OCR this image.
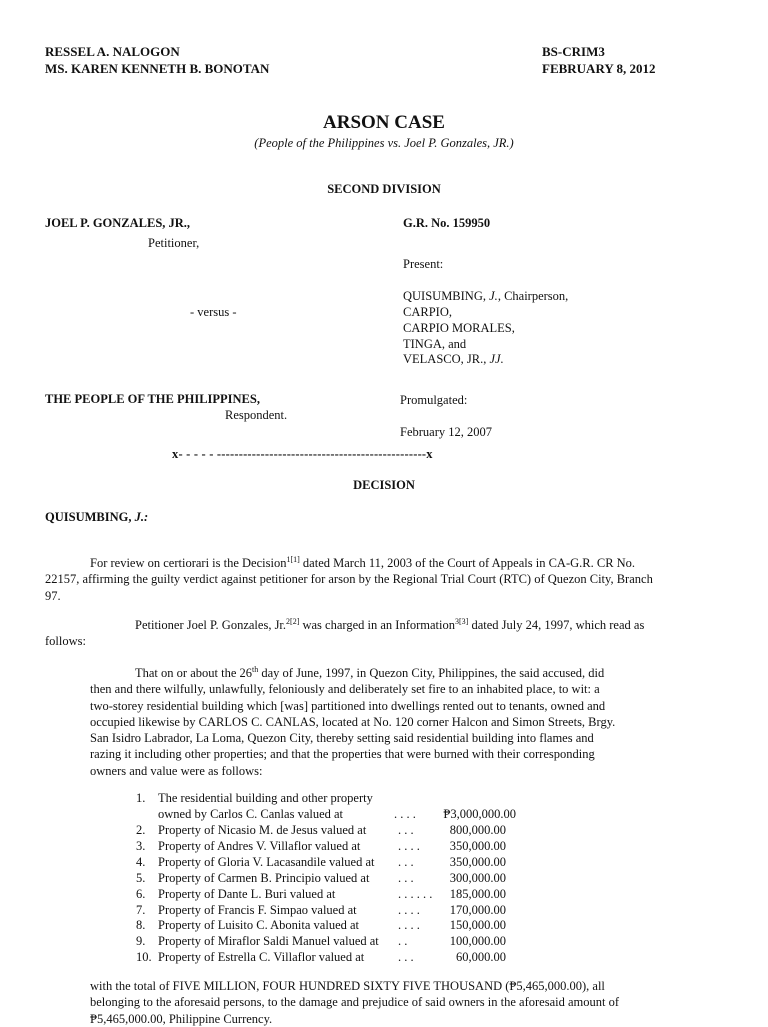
RESSEL A. NALOGON
MS. KAREN KENNETH B. BONOTAN
BS-CRIM3
FEBRUARY 8, 2012
ARSON CASE
(People of the Philippines vs. Joel P. Gonzales, JR.)
SECOND DIVISION
JOEL P. GONZALES, JR.,
Petitioner,
G.R. No. 159950
Present:
QUISUMBING, J., Chairperson,
CARPIO,
CARPIO MORALES,
TINGA, and
VELASCO, JR., JJ.
- versus -
THE PEOPLE OF THE PHILIPPINES,
Respondent.
Promulgated:
February 12, 2007
x- - - - - ------------------------------------------------x
DECISION
QUISUMBING, J.:
For review on certiorari is the Decision$^{1[1]}$ dated March 11, 2003 of the Court of Appeals in CA-G.R. CR No.
22157, affirming the guilty verdict against petitioner for arson by the Regional Trial Court (RTC) of Quezon City, Branch
97.
Petitioner Joel P. Gonzales, Jr.$^{2[2]}$ was charged in an Information$^{3[3]}$ dated July 24, 1997, which read as
follows:
That on or about the 26th day of June, 1997, in Quezon City, Philippines, the said accused, did
then and there wilfully, unlawfully, feloniously and deliberately set fire to an inhabited place, to wit: a
two-storey residential building which [was] partitioned into dwellings rented out to tenants, owned and
occupied likewise by CARLOS C. CANLAS, located at No. 120 corner Halcon and Simon Streets, Brgy.
San Isidro Labrador, La Loma, Quezon City, thereby setting said residential building into flames and
razing it including other properties; and that the properties that were burned with their corresponding
owners and value were as follows:
1. The residential building and other property
owned by Carlos C. Canlas valued at	. . . .	₱3,000,000.00
2. Property of Nicasio M. de Jesus valued at	. . .	800,000.00
3. Property of Andres V. Villaflor valued at	. . . .	350,000.00
4. Property of Gloria V. Lacasandile valued at . . .	350,000.00
5. Property of Carmen B. Principio valued at . . .	300,000.00
6. Property of Dante L. Buri valued at	. . . . . .	185,000.00
7. Property of Francis F. Simpao valued at	. . . .	170,000.00
8. Property of Luisito C. Abonita valued at	. . . .	150,000.00
9. Property of Miraflor Saldi Manuel valued at . .	100,000.00
10. Property of Estrella C. Villaflor valued at	. . .	60,000.00
with the total of FIVE MILLION, FOUR HUNDRED SIXTY FIVE THOUSAND (₱5,465,000.00), all
belonging to the aforesaid persons, to the damage and prejudice of said owners in the aforesaid amount of
₱5,465,000.00, Philippine Currency.
